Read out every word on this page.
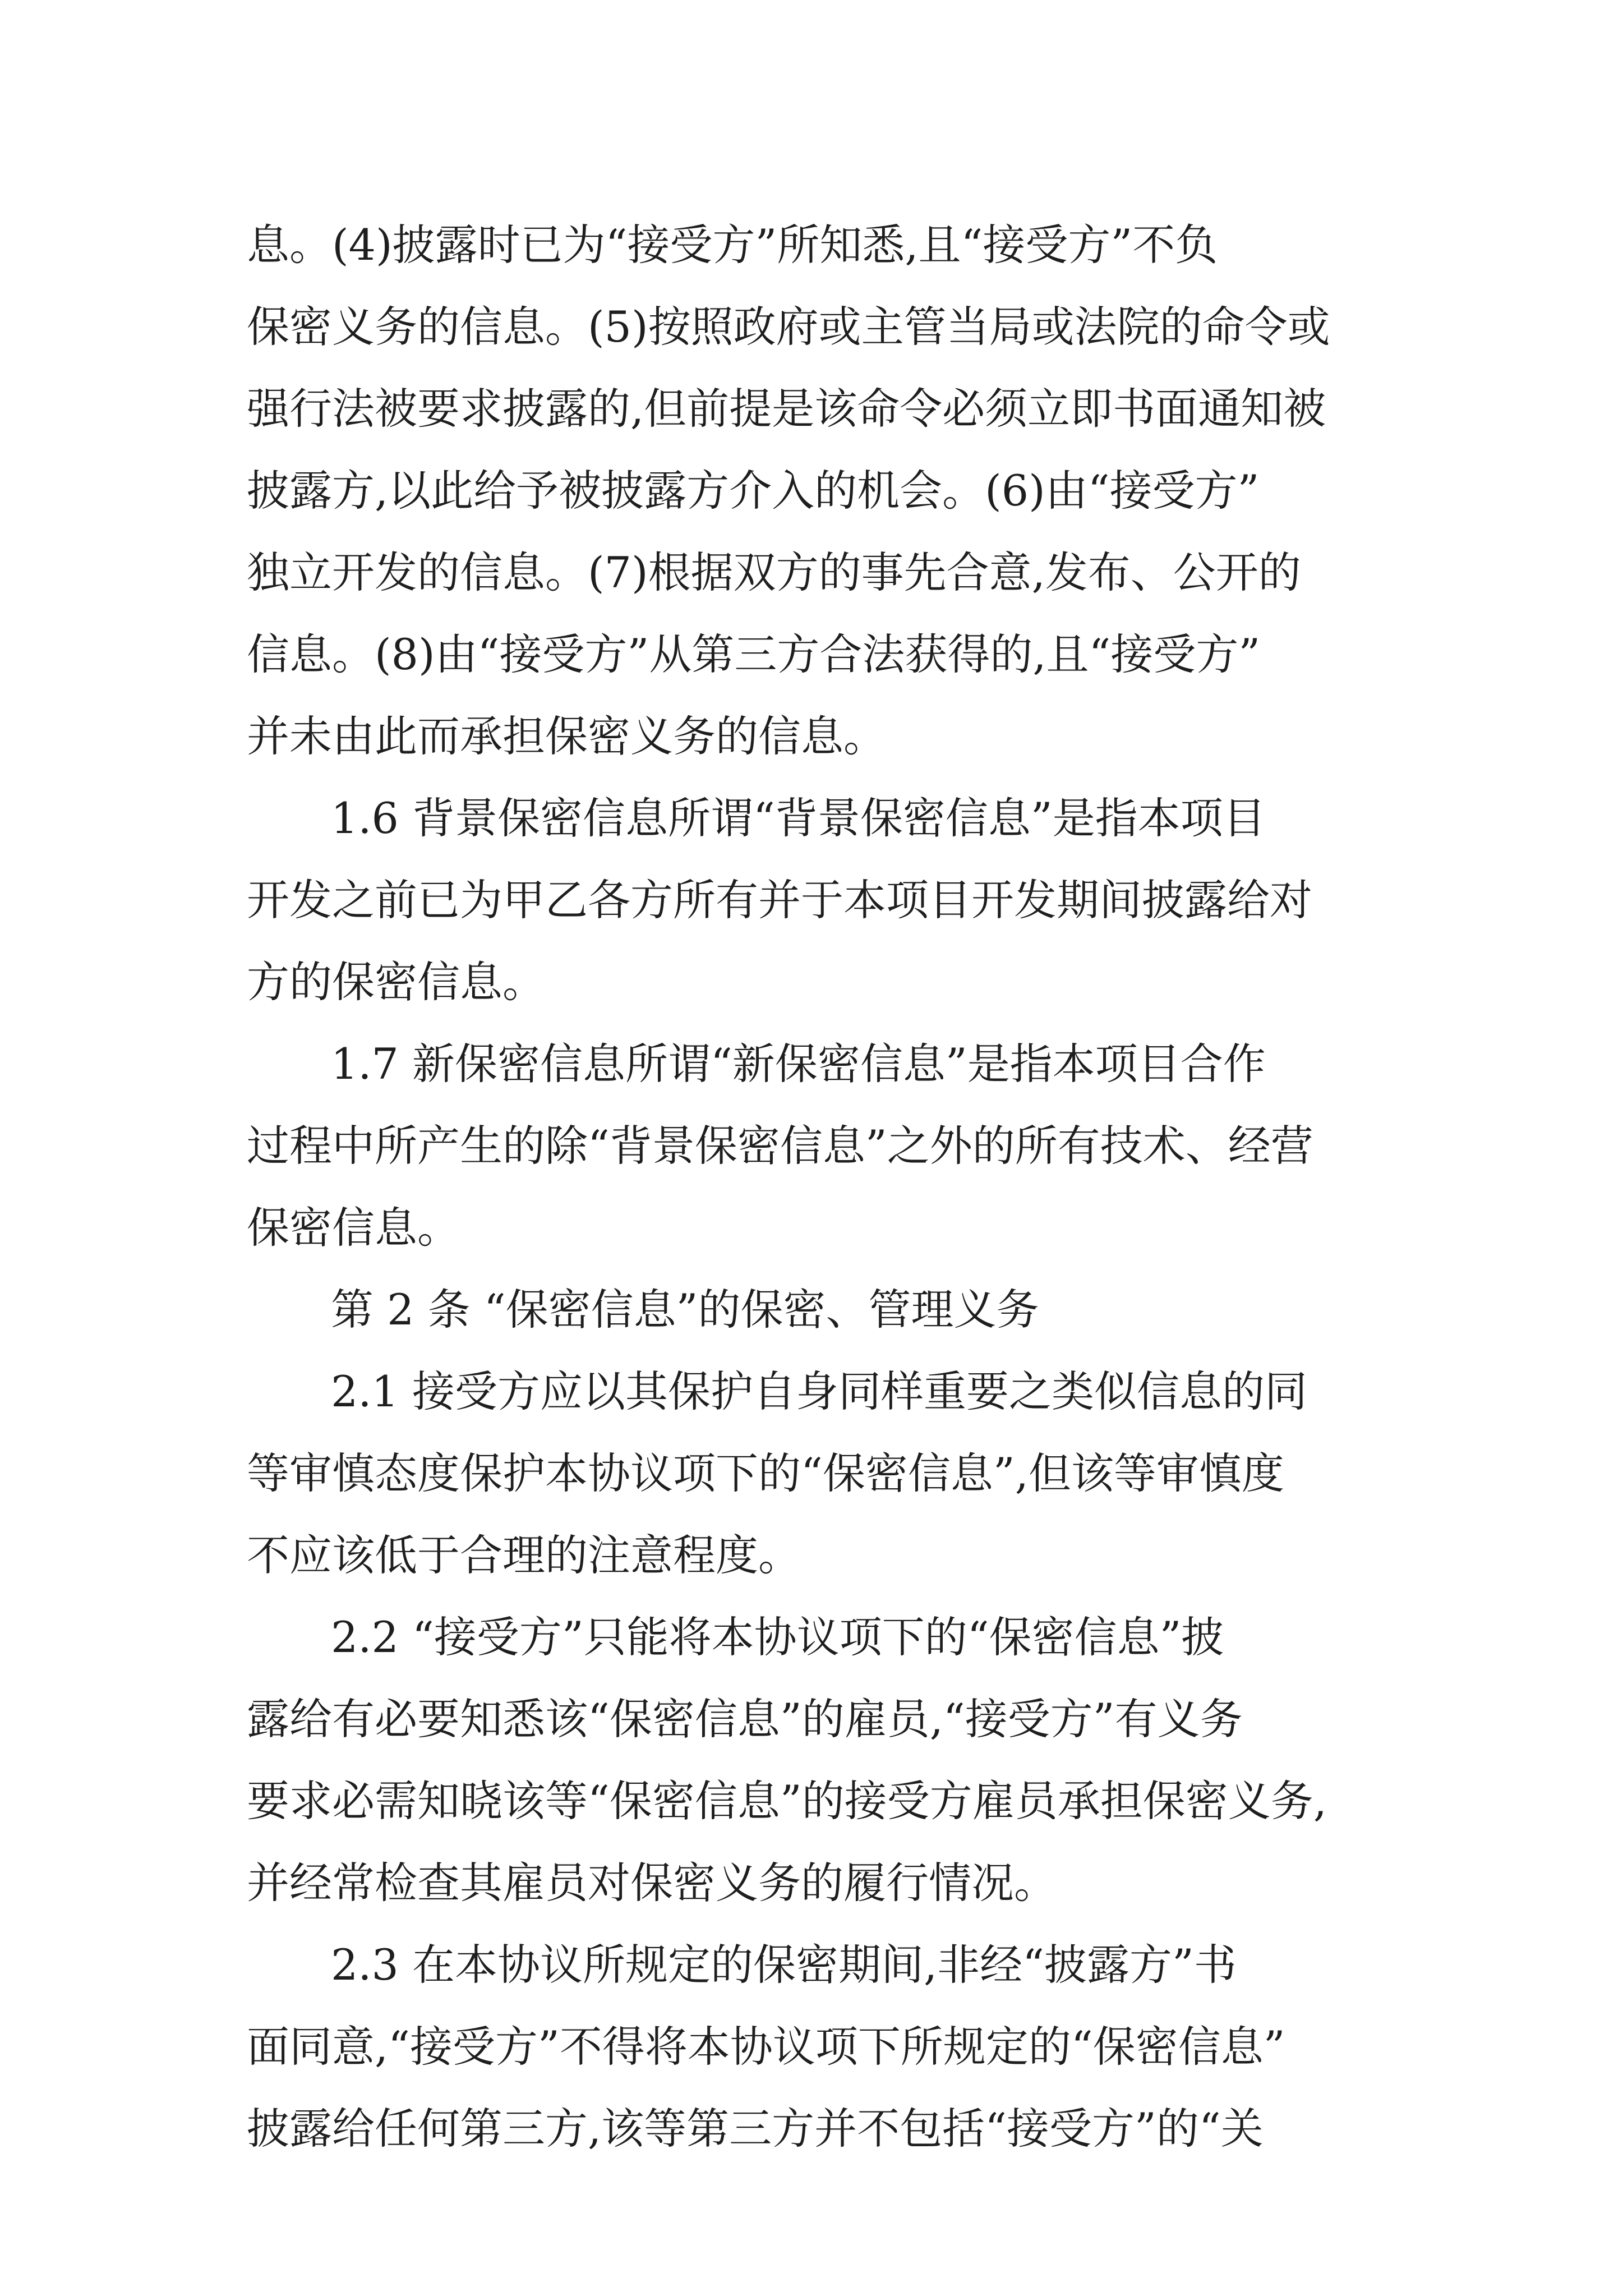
息。(4)披露时已为“接受方”所知悉,且“接受方”不负
保密义务的信息。(5)按照政府或主管当局或法院的命令或
强行法被要求披露的,但前提是该命令必须立即书面通知被
披露方,以此给予被披露方介入的机会。(6)由“接受方”
独立开发的信息。(7)根据双方的事先合意,发布、公开的
信息。(8)由“接受方”从第三方合法获得的,且“接受方”
并未由此而承担保密义务的信息。
1.6 背景保密信息所谓“背景保密信息”是指本项目
开发之前已为甲乙各方所有并于本项目开发期间披露给对
方的保密信息。
1.7 新保密信息所谓“新保密信息”是指本项目合作
过程中所产生的除“背景保密信息”之外的所有技术、经营
保密信息。
第 2 条 “保密信息”的保密、管理义务
2.1 接受方应以其保护自身同样重要之类似信息的同
等审慎态度保护本协议项下的“保密信息”,但该等审慎度
不应该低于合理的注意程度。
2.2 “接受方”只能将本协议项下的“保密信息”披
露给有必要知悉该“保密信息”的雇员,“接受方”有义务
要求必需知晓该等“保密信息”的接受方雇员承担保密义务,
并经常检查其雇员对保密义务的履行情况。
2.3 在本协议所规定的保密期间,非经“披露方”书
面同意,“接受方”不得将本协议项下所规定的“保密信息”
披露给任何第三方,该等第三方并不包括“接受方”的“关
